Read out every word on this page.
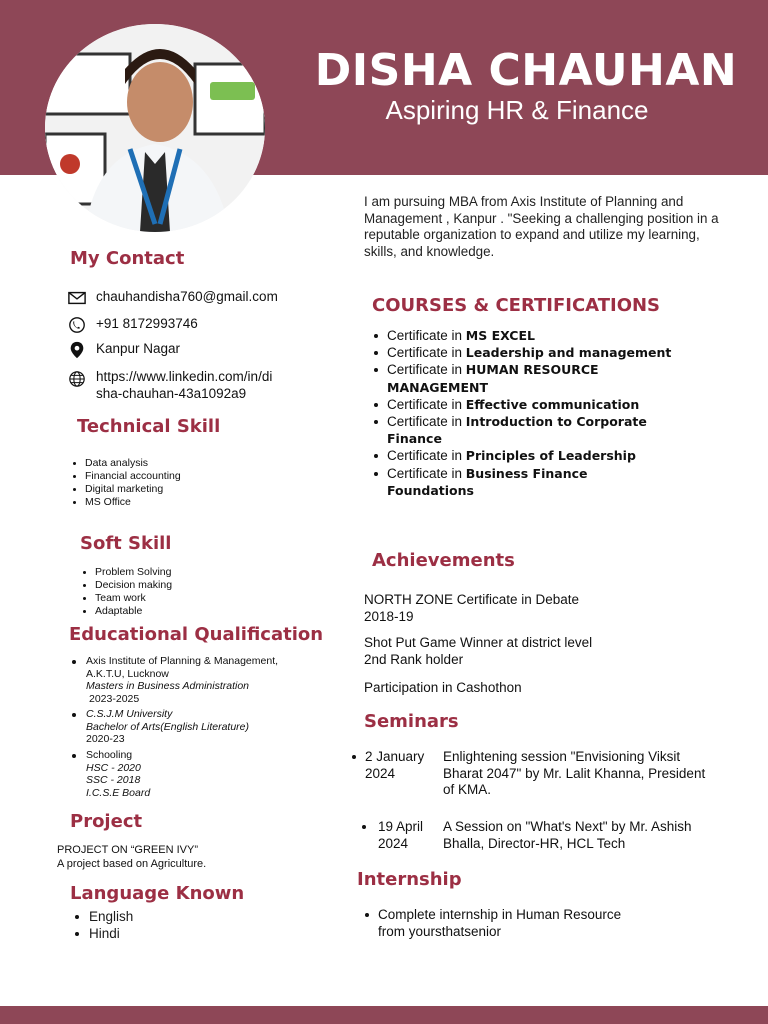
DISHA CHAUHAN
Aspiring HR & Finance
I am pursuing MBA from Axis Institute of Planning and Management , Kanpur . "Seeking a challenging position in a reputable organization to expand and utilize my learning, skills, and knowledge.
My Contact
chauhandisha760@gmail.com
+91 8172993746
Kanpur Nagar
https://www.linkedin.com/in/di
sha-chauhan-43a1092a9
Technical Skill
Data analysis
Financial accounting
Digital marketing
MS Office
Soft Skill
Problem Solving
Decision making
Team work
Adaptable
Educational Qualification
Axis Institute of Planning & Management,
A.K.T.U, Lucknow
Masters in Business Administration
2023-2025
C.S.J.M University
Bachelor of Arts(English Literature)
2020-23
Schooling
HSC - 2020
SSC - 2018
I.C.S.E Board
Project
PROJECT ON “GREEN IVY”
A project based on Agriculture.
Language Known
English
Hindi
COURSES & CERTIFICATIONS
Certificate in MS EXCEL
Certificate in Leadership and management
Certificate in HUMAN RESOURCE MANAGEMENT
Certificate in Effective communication
Certificate in Introduction to Corporate Finance
Certificate in Principles of Leadership
Certificate in Business Finance Foundations
Achievements
NORTH ZONE Certificate in Debate
2018-19
Shot Put Game Winner at district level
2nd Rank holder
Participation in Cashothon
Seminars
2 January 2024
Enlightening session "Envisioning Viksit Bharat 2047" by Mr. Lalit Khanna, President of KMA.
19 April 2024
A Session on "What's Next" by Mr. Ashish Bhalla, Director-HR, HCL Tech
Internship
Complete internship in Human Resource from yoursthatsenior
